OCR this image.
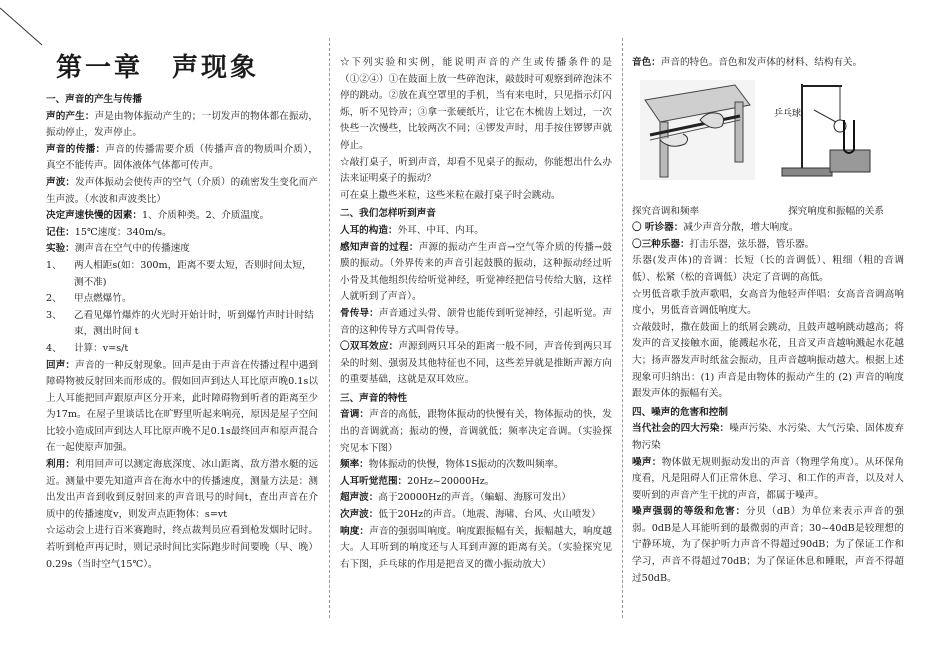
第一章　声现象

一、声音的产生与传播

声的产生：声是由物体振动产生的；一切发声的物体都在振动，振动停止，发声停止。

声音的传播：声音的传播需要介质（传播声音的物质叫介质），真空不能传声。固体液体气体都可传声。

声波：发声体振动会使传声的空气（介质）的疏密发生变化而产生声波。（水波和声波类比）

决定声速快慢的因素：1、介质种类。2、介质温度。

记住：15℃速度：340m/s。

实验：测声音在空气中的传播速度

1、	两人相距s(如：300m，距离不要太短，否则时间太短，测不准)
2、	甲点燃爆竹。
3、	乙看见爆竹爆炸的火光时开始计时，听到爆竹声时计时结束，测出时间 t
4、	计算：v=s/t

回声：声音的一种反射现象。回声是由于声音在传播过程中遇到障碍物被反射回来而形成的。假如回声到达人耳比原声晚0.1s以上人耳能把回声跟原声区分开来，此时障碍物到听者的距离至少为17m。在屋子里谈话比在旷野里听起来响亮，原因是屋子空间比较小造成回声到达人耳比原声晚不足0.1s最终回声和原声混合在一起使原声加强。

利用：利用回声可以测定海底深度、冰山距离、敌方潜水艇的远近。测量中要先知道声音在海水中的传播速度，测量方法是：测出发出声音到收到反射回来的声音讯号的时间t，查出声音在介质中的传播速度v，则发声点距物体：s=vt

☆运动会上进行百米赛跑时，终点裁判员应看到枪发烟时记时。若听到枪声再记时，则记录时间比实际跑步时间要晚（早、晚）0.29s（当时空气15℃）。

☆下列实验和实例，能说明声音的产生或传播条件的是（①②④）①在鼓面上放一些碎泡沫，敲鼓时可观察到碎泡沫不停的跳动。②放在真空罩里的手机，当有来电时，只见指示灯闪烁，听不见铃声；③拿一张硬纸片，让它在木梳齿上划过，一次快些一次慢些，比较两次不同；④锣发声时，用手按住锣锣声就停止。

☆敲打桌子，听到声音，却看不见桌子的振动，你能想出什么办法来证明桌子的振动？

可在桌上撒些米粒，这些米粒在敲打桌子时会跳动。

二、我们怎样听到声音

人耳的构造：外耳、中耳、内耳。

感知声音的过程：声源的振动产生声音→空气等介质的传播→鼓膜的振动。（外界传来的声音引起鼓膜的振动，这种振动经过听小骨及其他组织传给听觉神经，听觉神经把信号传给大脑，这样人就听到了声音）。

骨传导：声音通过头骨、颌骨也能传到听觉神经，引起听觉。声音的这种传导方式叫骨传导。

〇双耳效应：声源到两只耳朵的距离一般不同，声音传到两只耳朵的时刻、强弱及其他特征也不同，这些差异就是推断声源方向的重要基础，这就是双耳效应。

三、声音的特性

音调：声音的高低，跟物体振动的快慢有关，物体振动的快，发出的音调就高；振动的慢，音调就低；频率决定音调。（实验探究见本下图）

频率：物体振动的快慢，物体1S振动的次数叫频率。

人耳听觉范围：20Hz~20000Hz。

超声波：高于20000Hz的声音。（蝙蝠、海豚可发出）

次声波：低于20Hz的声音。（地震、海啸、台风、火山喷发）

响度：声音的强弱叫响度。响度跟振幅有关，振幅越大，响度越大。人耳听到的响度还与人耳到声源的距离有关。（实验探究见右下图，乒乓球的作用是把音叉的微小振动放大）

音色：声音的特色。音色和发声体的材料、结构有关。

乒乓球
探究音调和频率	探究响度和振幅的关系

〇 听诊器：减少声音分散，增大响度。

〇三种乐器：打击乐器，弦乐器，管乐器。

乐器(发声体)的音调：长短（长的音调低）、粗细（粗的音调低）、松紧（松的音调低）决定了音调的高低。

☆男低音歌手放声歌唱，女高音为他轻声伴唱：女高音音调高响度小，男低音音调低响度大。

☆敲鼓时，撒在鼓面上的纸屑会跳动，且鼓声越响跳动越高；将发声的音叉接触水面，能溅起水花，且音叉声音越响溅起水花越大；扬声器发声时纸盆会振动，且声音越响振动越大。根据上述现象可归纳出：(1) 声音是由物体的振动产生的 (2) 声音的响度跟发声体的振幅有关。

四、噪声的危害和控制

当代社会的四大污染：噪声污染、水污染、大气污染、固体废弃物污染

噪声：物体做无规则振动发出的声音（物理学角度）。从环保角度看，凡是阻碍人们正常休息、学习、和工作的声音，以及对人要听到的声音产生干扰的声音，都属于噪声。

噪声强弱的等级和危害：分贝（dB）为单位来表示声音的强弱。0dB是人耳能听到的最微弱的声音；30~40dB是较理想的宁静环境，为了保护听力声音不得超过90dB；为了保证工作和学习，声音不得超过70dB；为了保证休息和睡眠，声音不得超过50dB。
